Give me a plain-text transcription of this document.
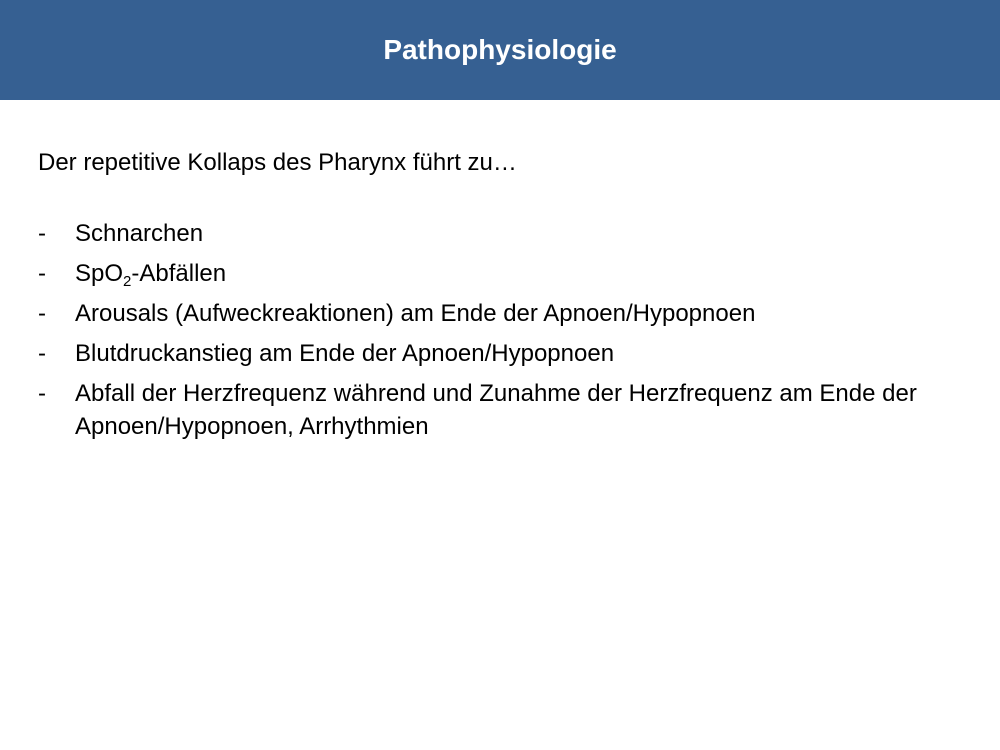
Pathophysiologie

Der repetitive Kollaps des Pharynx führt zu…

- Schnarchen
- SpO$_2$-Abfällen
- Arousals (Aufweckreaktionen) am Ende der Apnoen/Hypopnoen
- Blutdruckanstieg am Ende der Apnoen/Hypopnoen
- Abfall der Herzfrequenz während und Zunahme der Herzfrequenz am Ende der Apnoen/Hypopnoen, Arrhythmien
